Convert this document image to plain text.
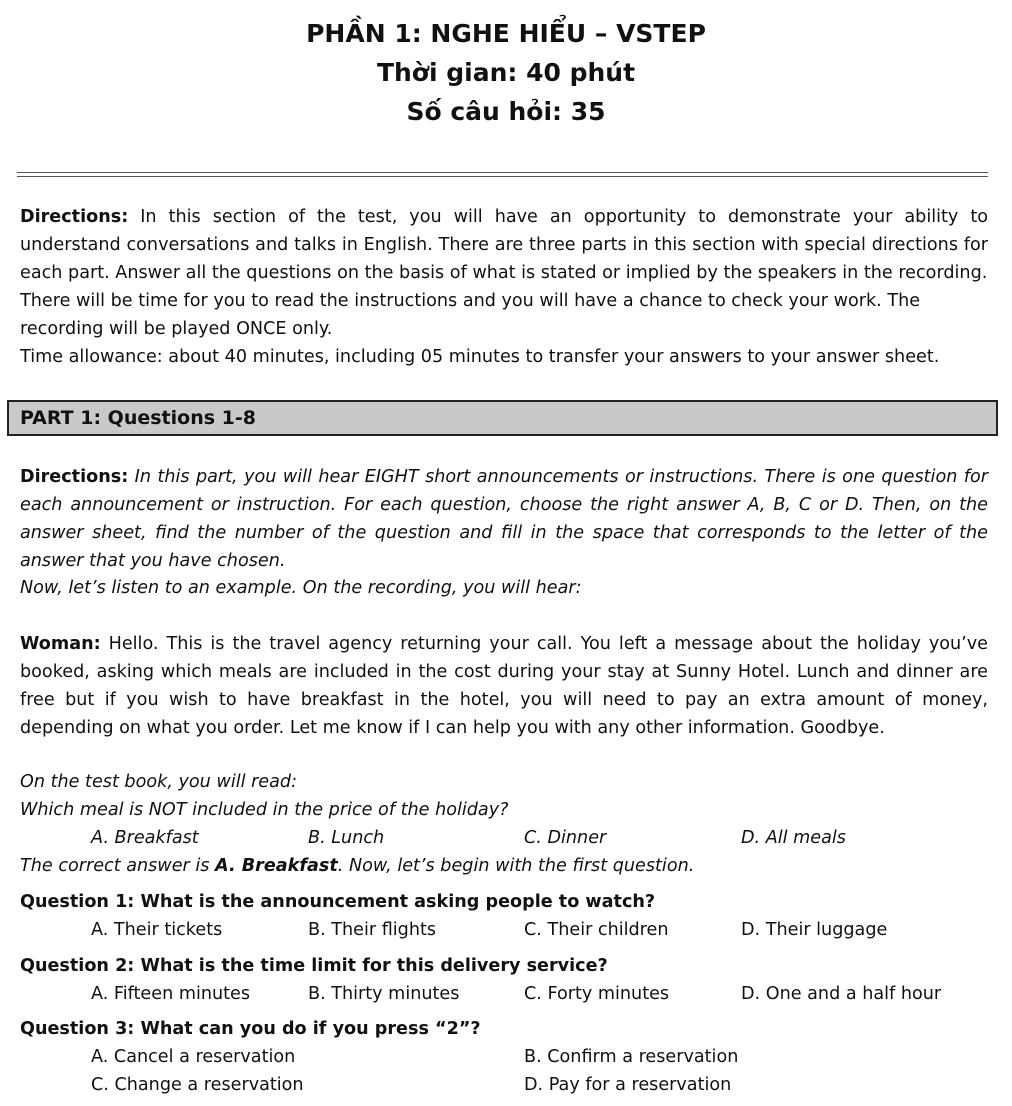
PHẦN 1: NGHE HIỂU – VSTEP
Thời gian: 40 phút
Số câu hỏi: 35

Directions: In this section of the test, you will have an opportunity to demonstrate your ability to understand conversations and talks in English. There are three parts in this section with special directions for each part. Answer all the questions on the basis of what is stated or implied by the speakers in the recording.

There will be time for you to read the instructions and you will have a chance to check your work. The recording will be played ONCE only.

Time allowance: about 40 minutes, including 05 minutes to transfer your answers to your answer sheet.

PART 1: Questions 1-8

Directions: In this part, you will hear EIGHT short announcements or instructions. There is one question for each announcement or instruction. For each question, choose the right answer A, B, C or D. Then, on the answer sheet, find the number of the question and fill in the space that corresponds to the letter of the answer that you have chosen.

Now, let’s listen to an example. On the recording, you will hear:

Woman: Hello. This is the travel agency returning your call. You left a message about the holiday you’ve booked, asking which meals are included in the cost during your stay at Sunny Hotel. Lunch and dinner are free but if you wish to have breakfast in the hotel, you will need to pay an extra amount of money, depending on what you order. Let me know if I can help you with any other information. Goodbye.

On the test book, you will read:

Which meal is NOT included in the price of the holiday?

A. Breakfast	B. Lunch	C. Dinner	D. All meals

The correct answer is A. Breakfast. Now, let’s begin with the first question.

Question 1: What is the announcement asking people to watch?
A. Their tickets	B. Their flights	C. Their children	D. Their luggage
Question 2: What is the time limit for this delivery service?
A. Fifteen minutes	B. Thirty minutes	C. Forty minutes	D. One and a half hour
Question 3: What can you do if you press “2”?
A. Cancel a reservation	B. Confirm a reservation
C. Change a reservation	D. Pay for a reservation
